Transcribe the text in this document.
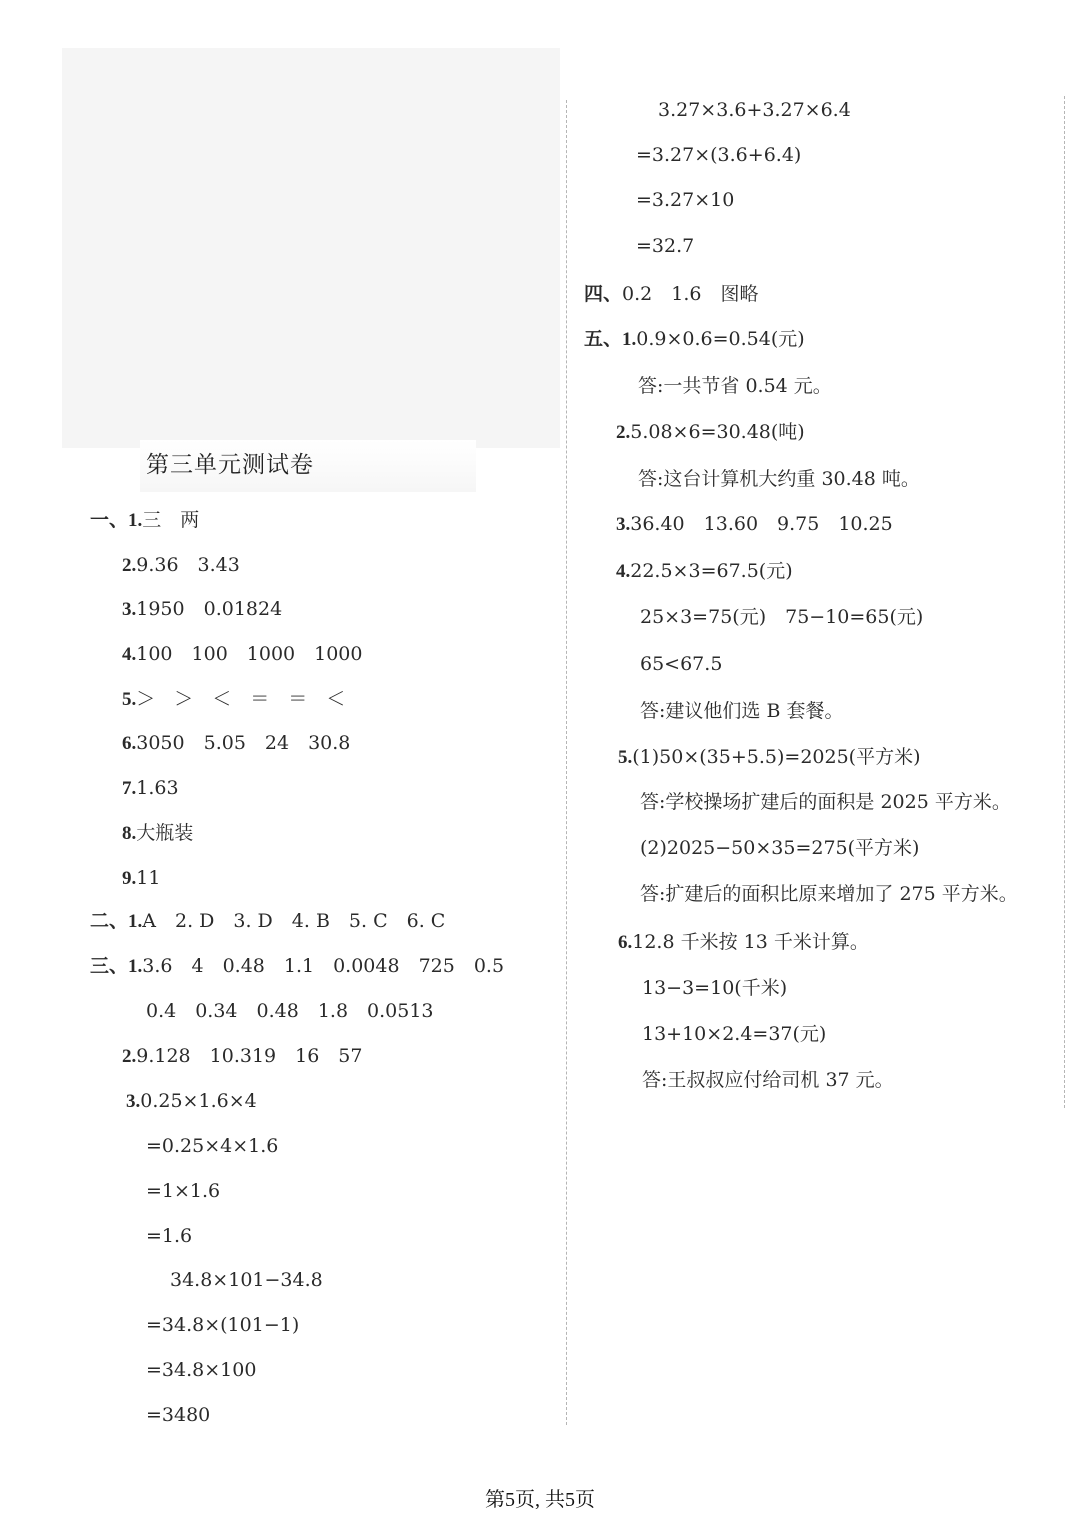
第三单元测试卷
一、1.三　两
2.9.36　3.43
3.1950　0.01824
4.100　100　1000　1000
5.＞　＞　＜　＝　＝　＜
6.3050　5.05　24　30.8
7.1.63
8.大瓶装
9.11
二、1.A　2. D　3. D　4. B　5. C　6. C
三、1.3.6　4　0.48　1.1　0.0048　725　0.5
0.4　0.34　0.48　1.8　0.0513
2.9.128　10.319　16　57
3.0.25×1.6×4
=0.25×4×1.6
=1×1.6
=1.6
34.8×101−34.8
=34.8×(101−1)
=34.8×100
=3480
3.27×3.6+3.27×6.4
=3.27×(3.6+6.4)
=3.27×10
=32.7
四、0.2　1.6　图略
五、1.0.9×0.6=0.54(元)
答:一共节省 0.54 元。
2.5.08×6=30.48(吨)
答:这台计算机大约重 30.48 吨。
3.36.40　13.60　9.75　10.25
4.22.5×3=67.5(元)
25×3=75(元)　75−10=65(元)
65<67.5
答:建议他们选 B 套餐。
5.(1)50×(35+5.5)=2025(平方米)
答:学校操场扩建后的面积是 2025 平方米。
(2)2025−50×35=275(平方米)
答:扩建后的面积比原来增加了 275 平方米。
6.12.8 千米按 13 千米计算。
13−3=10(千米)
13+10×2.4=37(元)
答:王叔叔应付给司机 37 元。
第5页, 共5页
